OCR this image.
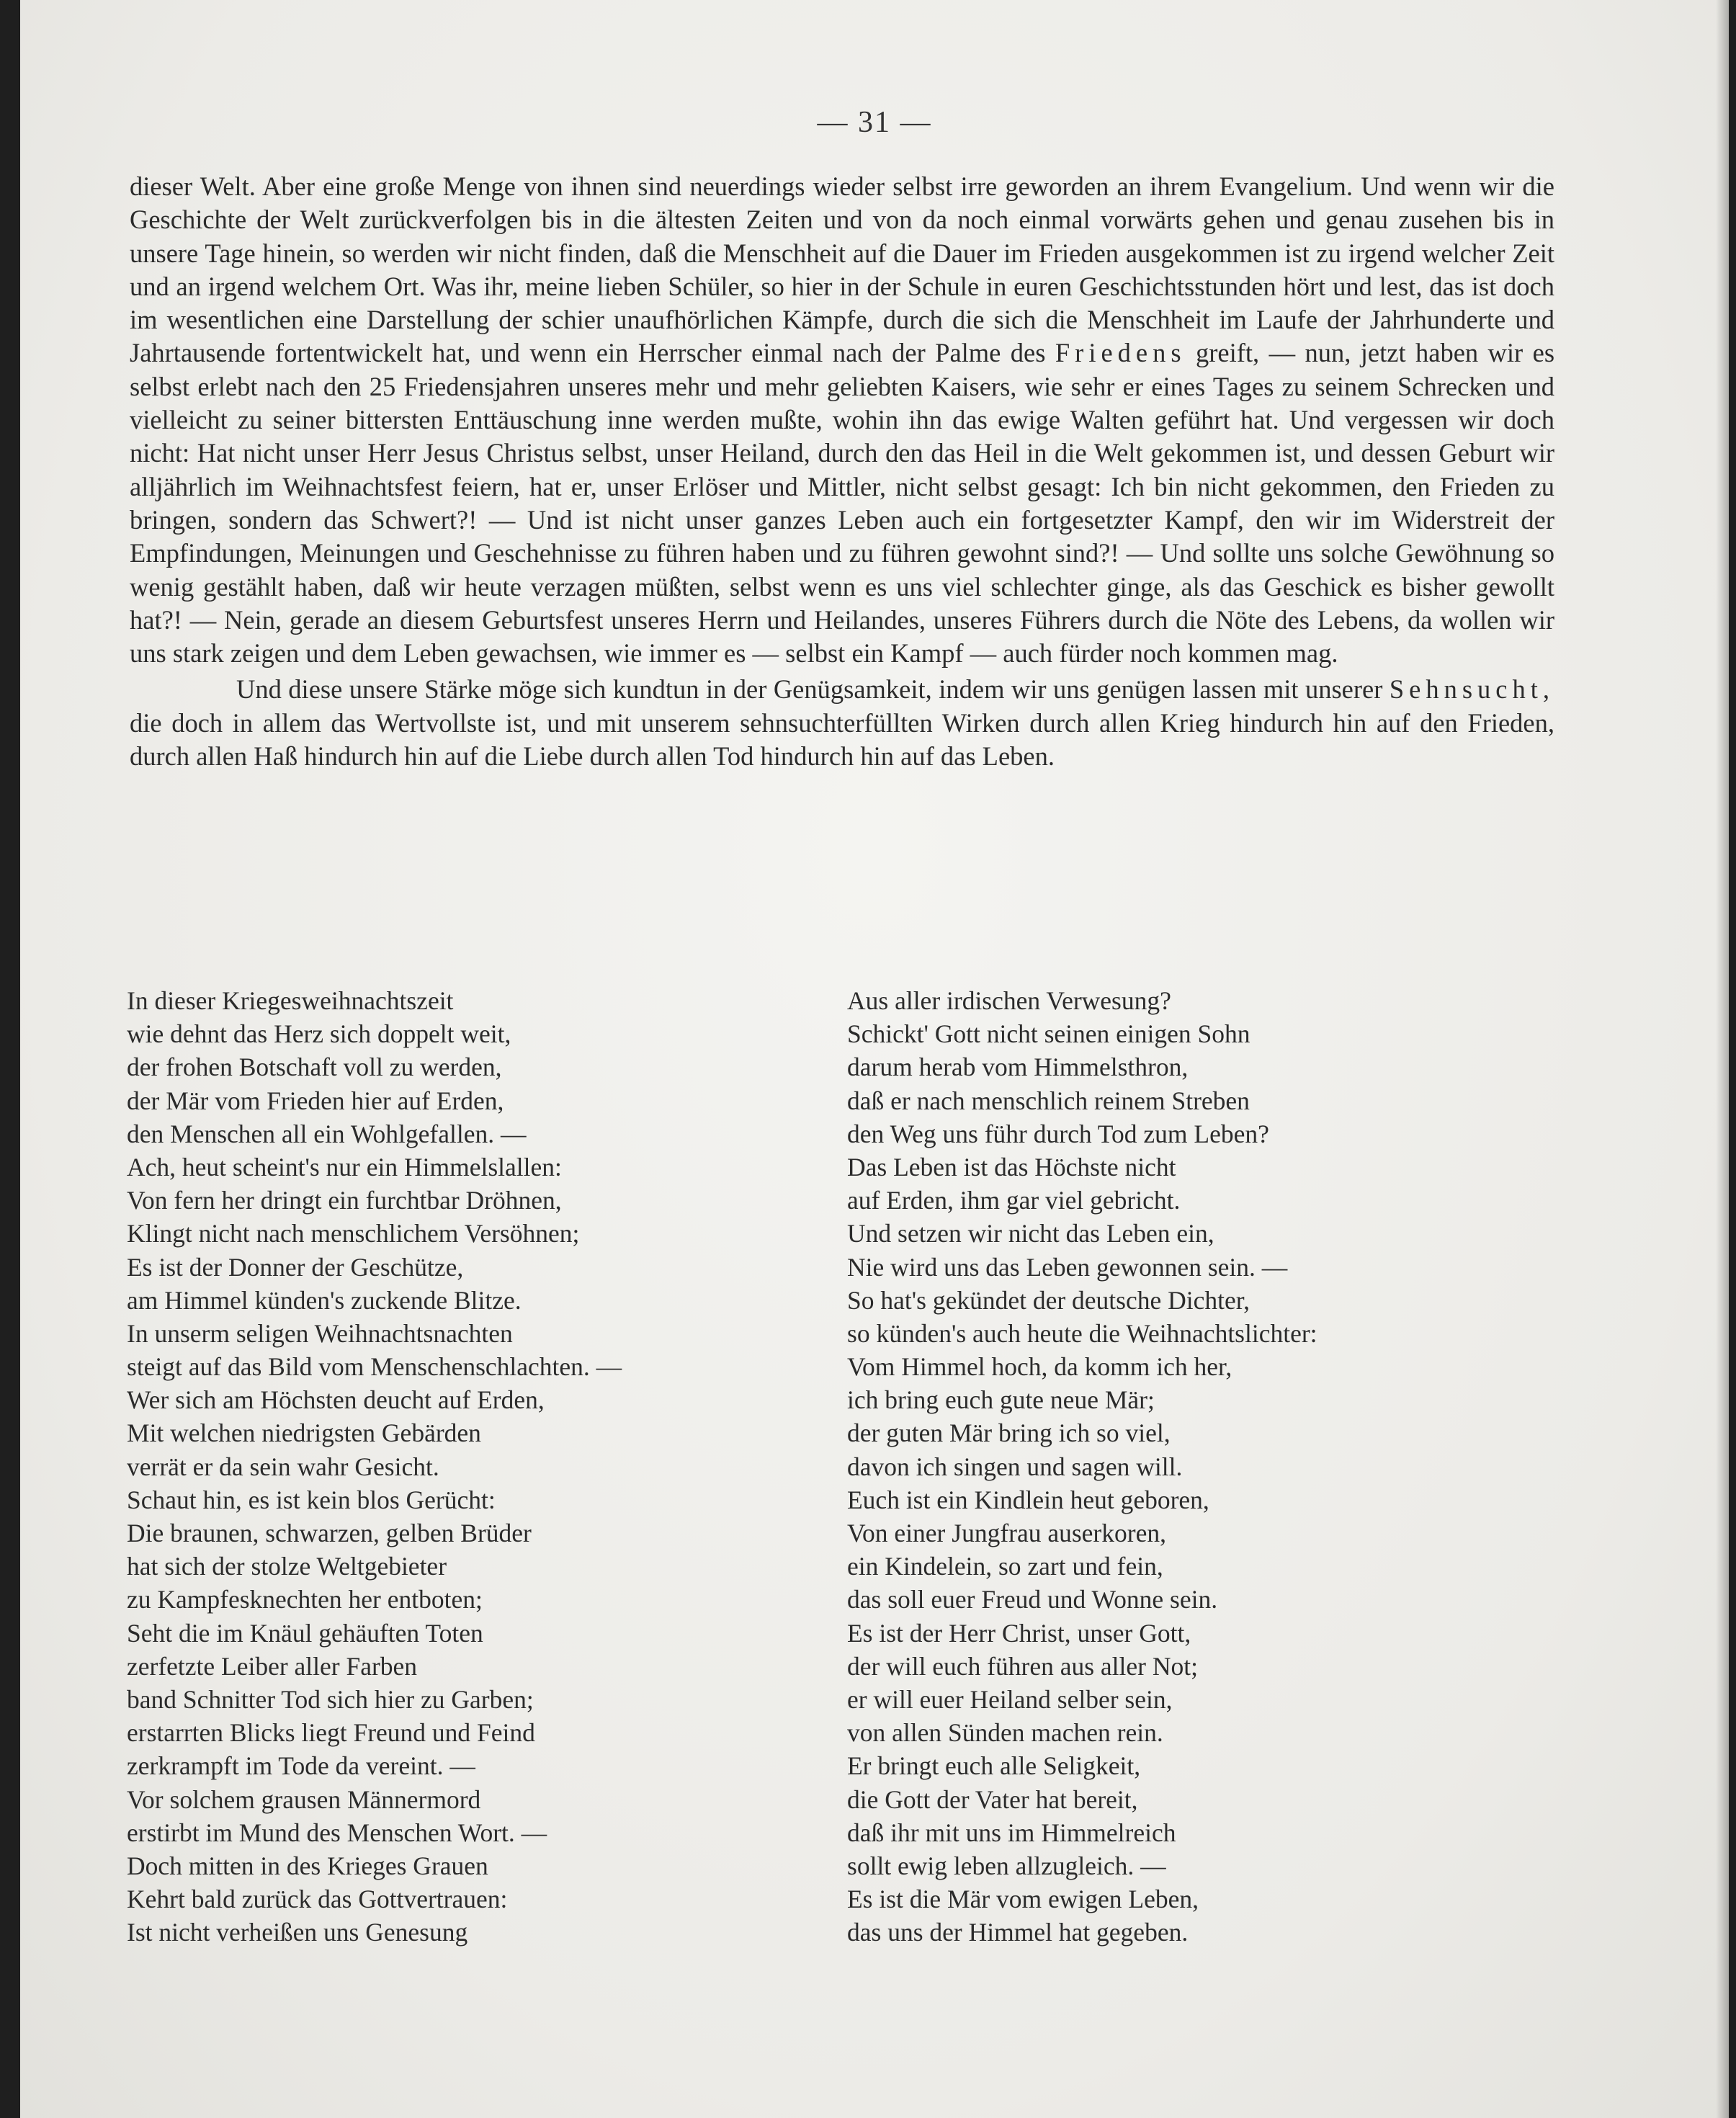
— 31 —

dieser Welt. Aber eine große Menge von ihnen sind neuerdings wieder selbst irre geworden an ihrem Evangelium. Und wenn wir die Geschichte der Welt zurückverfolgen bis in die ältesten Zeiten und von da noch einmal vorwärts gehen und genau zusehen bis in unsere Tage hinein, so werden wir nicht finden, daß die Menschheit auf die Dauer im Frieden ausgekommen ist zu irgend welcher Zeit und an irgend welchem Ort. Was ihr, meine lieben Schüler, so hier in der Schule in euren Geschichtsstunden hört und lest, das ist doch im wesentlichen eine Darstellung der schier unaufhörlichen Kämpfe, durch die sich die Menschheit im Laufe der Jahrhunderte und Jahrtausende fortentwickelt hat, und wenn ein Herrscher einmal nach der Palme des Friedens greift, — nun, jetzt haben wir es selbst erlebt nach den 25 Friedensjahren unseres mehr und mehr geliebten Kaisers, wie sehr er eines Tages zu seinem Schrecken und vielleicht zu seiner bittersten Enttäuschung inne werden mußte, wohin ihn das ewige Walten geführt hat. Und vergessen wir doch nicht: Hat nicht unser Herr Jesus Christus selbst, unser Heiland, durch den das Heil in die Welt gekommen ist, und dessen Geburt wir alljährlich im Weihnachtsfest feiern, hat er, unser Erlöser und Mittler, nicht selbst gesagt: Ich bin nicht gekommen, den Frieden zu bringen, sondern das Schwert?! — Und ist nicht unser ganzes Leben auch ein fortgesetzter Kampf, den wir im Widerstreit der Empfindungen, Meinungen und Geschehnisse zu führen haben und zu führen gewohnt sind?! — Und sollte uns solche Gewöhnung so wenig gestählt haben, daß wir heute verzagen müßten, selbst wenn es uns viel schlechter ginge, als das Geschick es bisher gewollt hat?! — Nein, gerade an diesem Geburtsfest unseres Herrn und Heilandes, unseres Führers durch die Nöte des Lebens, da wollen wir uns stark zeigen und dem Leben gewachsen, wie immer es — selbst ein Kampf — auch fürder noch kommen mag.

Und diese unsere Stärke möge sich kundtun in der Genügsamkeit, indem wir uns genügen lassen mit unserer Sehnsucht, die doch in allem das Wertvollste ist, und mit unserem sehnsuchterfüllten Wirken durch allen Krieg hindurch hin auf den Frieden, durch allen Haß hindurch hin auf die Liebe durch allen Tod hindurch hin auf das Leben.

In dieser Kriegesweihnachtszeit
wie dehnt das Herz sich doppelt weit,
der frohen Botschaft voll zu werden,
der Mär vom Frieden hier auf Erden,
den Menschen all ein Wohlgefallen. —
Ach, heut scheint's nur ein Himmelslallen:
Von fern her dringt ein furchtbar Dröhnen,
Klingt nicht nach menschlichem Versöhnen;
Es ist der Donner der Geschütze,
am Himmel künden's zuckende Blitze.
In unserm seligen Weihnachtsnachten
steigt auf das Bild vom Menschenschlachten. —
Wer sich am Höchsten deucht auf Erden,
Mit welchen niedrigsten Gebärden
verrät er da sein wahr Gesicht.
Schaut hin, es ist kein blos Gerücht:
Die braunen, schwarzen, gelben Brüder
hat sich der stolze Weltgebieter
zu Kampfesknechten her entboten;
Seht die im Knäul gehäuften Toten
zerfetzte Leiber aller Farben
band Schnitter Tod sich hier zu Garben;
erstarrten Blicks liegt Freund und Feind
zerkrampft im Tode da vereint. —
Vor solchem grausen Männermord
erstirbt im Mund des Menschen Wort. —
Doch mitten in des Krieges Grauen
Kehrt bald zurück das Gottvertrauen:
Ist nicht verheißen uns Genesung
Aus aller irdischen Verwesung?
Schickt' Gott nicht seinen einigen Sohn
darum herab vom Himmelsthron,
daß er nach menschlich reinem Streben
den Weg uns führ durch Tod zum Leben?
Das Leben ist das Höchste nicht
auf Erden, ihm gar viel gebricht.
Und setzen wir nicht das Leben ein,
Nie wird uns das Leben gewonnen sein. —
So hat's gekündet der deutsche Dichter,
so künden's auch heute die Weihnachtslichter:
Vom Himmel hoch, da komm ich her,
ich bring euch gute neue Mär;
der guten Mär bring ich so viel,
davon ich singen und sagen will.
Euch ist ein Kindlein heut geboren,
Von einer Jungfrau auserkoren,
ein Kindelein, so zart und fein,
das soll euer Freud und Wonne sein.
Es ist der Herr Christ, unser Gott,
der will euch führen aus aller Not;
er will euer Heiland selber sein,
von allen Sünden machen rein.
Er bringt euch alle Seligkeit,
die Gott der Vater hat bereit,
daß ihr mit uns im Himmelreich
sollt ewig leben allzugleich. —
Es ist die Mär vom ewigen Leben,
das uns der Himmel hat gegeben.
